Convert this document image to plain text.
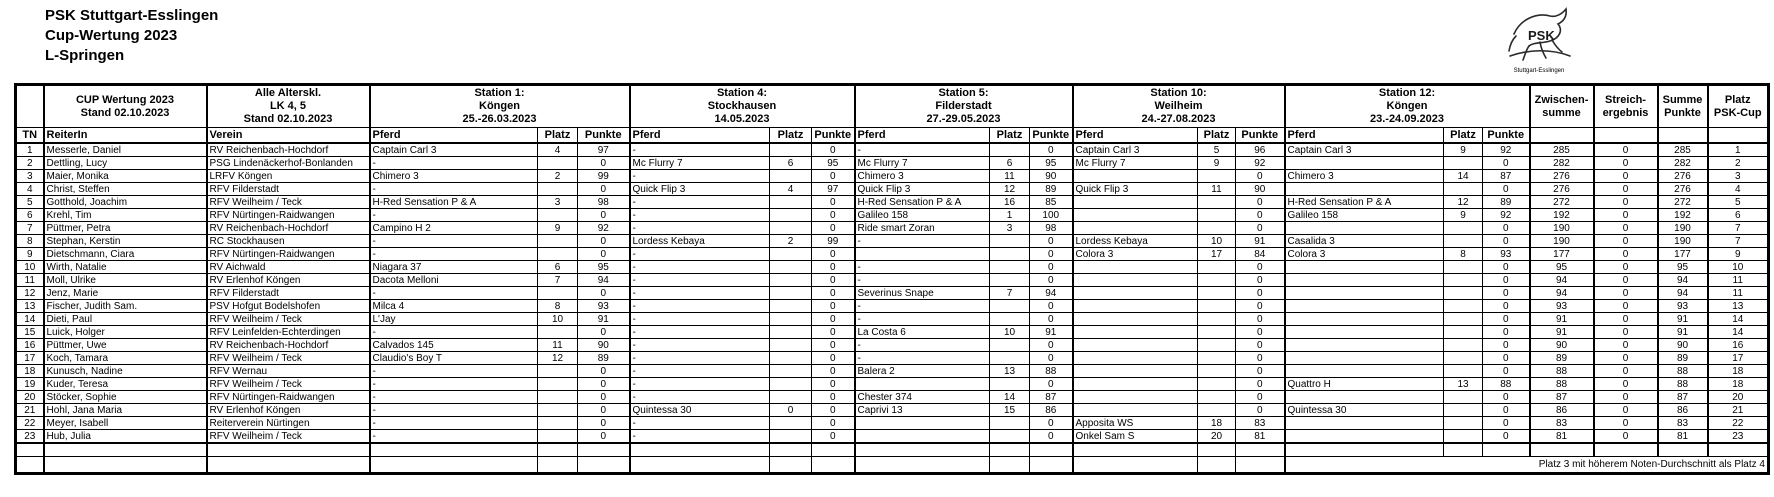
PSK Stuttgart-Esslingen
Cup-Wertung 2023
L-Springen
PSK
Stuttgart-Esslingen

CUP Wertung 2023
Stand 02.10.2023

Alle Alterskl.
LK 4, 5
Stand 02.10.2023

Station 1:
Köngen
25.-26.03.2023

Station 4:
Stockhausen
14.05.2023

Station 5:
Filderstadt
27.-29.05.2023

Station 10:
Weilheim
24.-27.08.2023

Station 12:
Köngen
23.-24.09.2023

Zwischen-
summe

Streich-
ergebnis

Summe
Punkte

Platz
PSK-Cup

TN	ReiterIn	Verein	Pferd	Platz	Punkte	Pferd	Platz	Punkte	Pferd	Platz	Punkte	Pferd	Platz	Punkte	Pferd	Platz	Punkte				
1	Messerle, Daniel	RV Reichenbach-Hochdorf	Captain Carl 3	4	97	-		0	-		0	Captain Carl 3	5	96	Captain Carl 3	9	92	285	0	285	1
2	Dettling, Lucy	PSG Lindenäckerhof-Bonlanden	-		0	Mc Flurry 7	6	95	Mc Flurry 7	6	95	Mc Flurry 7	9	92			0	282	0	282	2
3	Maier, Monika	LRFV Köngen	Chimero 3	2	99	-		0	Chimero 3	11	90			0	Chimero 3	14	87	276	0	276	3
4	Christ, Steffen	RFV Filderstadt	-		0	Quick Flip 3	4	97	Quick Flip 3	12	89	Quick Flip 3	11	90			0	276	0	276	4
5	Gotthold, Joachim	RFV Weilheim / Teck	H-Red Sensation P & A	3	98	-		0	H-Red Sensation P & A	16	85			0	H-Red Sensation P & A	12	89	272	0	272	5
6	Krehl, Tim	RFV Nürtingen-Raidwangen	-		0	-		0	Galileo 158	1	100			0	Galileo 158	9	92	192	0	192	6
7	Püttmer, Petra	RV Reichenbach-Hochdorf	Campino H 2	9	92	-		0	Ride smart Zoran	3	98			0			0	190	0	190	7
8	Stephan, Kerstin	RC Stockhausen	-		0	Lordess Kebaya	2	99	-		0	Lordess Kebaya	10	91	Casalida 3		0	190	0	190	7
9	Dietschmann, Ciara	RFV Nürtingen-Raidwangen	-		0	-		0			0	Colora 3	17	84	Colora 3	8	93	177	0	177	9
10	Wirth, Natalie	RV Aichwald	Niagara 37	6	95	-		0	-		0			0			0	95	0	95	10
11	Moll, Ulrike	RV Erlenhof Köngen	Dacota Melloni	7	94	-		0	-		0			0			0	94	0	94	11
12	Jenz, Marie	RFV Filderstadt	-		0	-		0	Severinus Snape	7	94			0			0	94	0	94	11
13	Fischer, Judith Sam.	PSV Hofgut Bodelshofen	Milca 4	8	93	-		0	-		0			0			0	93	0	93	13
14	Dieti, Paul	RFV Weilheim / Teck	L'Jay	10	91	-		0	-		0			0			0	91	0	91	14
15	Luick, Holger	RFV Leinfelden-Echterdingen	-		0	-		0	La Costa 6	10	91			0			0	91	0	91	14
16	Püttmer, Uwe	RV Reichenbach-Hochdorf	Calvados 145	11	90	-		0	-		0			0			0	90	0	90	16
17	Koch, Tamara	RFV Weilheim / Teck	Claudio's Boy T	12	89	-		0	-		0			0			0	89	0	89	17
18	Kunusch, Nadine	RFV Wernau	-		0	-		0	Balera 2	13	88			0			0	88	0	88	18
19	Kuder, Teresa	RFV Weilheim / Teck	-		0	-		0			0			0	Quattro H	13	88	88	0	88	18
20	Stöcker, Sophie	RFV Nürtingen-Raidwangen	-		0	-		0	Chester 374	14	87			0			0	87	0	87	20
21	Hohl, Jana Maria	RV Erlenhof Köngen	-		0	Quintessa 30	0	0	Caprivi 13	15	86			0	Quintessa 30		0	86	0	86	21
22	Meyer, Isabell	Reiterverein Nürtingen	-		0	-		0			0	Apposita WS	18	83			0	83	0	83	22
23	Hub, Julia	RFV Weilheim / Teck	-		0	-		0			0	Onkel Sam S	20	81			0	81	0	81	23

															Platz 3 mit höherem Noten-Durchschnitt als Platz 4						
